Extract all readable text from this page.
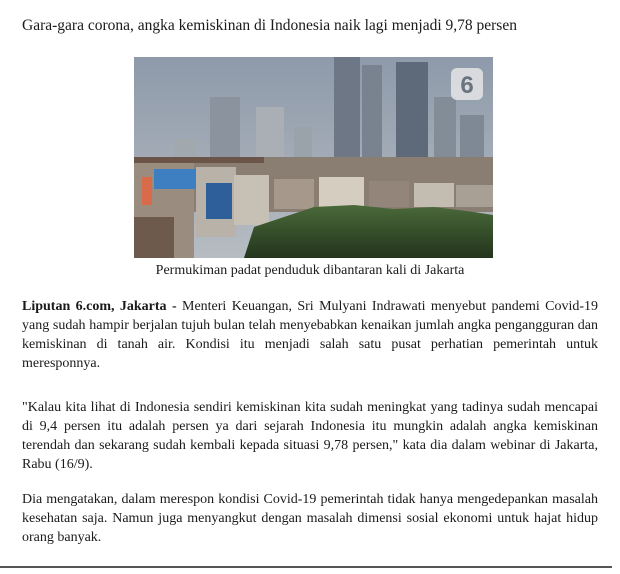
Gara-gara corona, angka kemiskinan di Indonesia naik lagi menjadi 9,78 persen
6
Permukiman padat penduduk dibantaran kali di Jakarta

Liputan 6.com, Jakarta - Menteri Keuangan, Sri Mulyani Indrawati menyebut pandemi Covid-19 yang sudah hampir berjalan tujuh bulan telah menyebabkan kenaikan jumlah angka pengangguran dan kemiskinan di tanah air. Kondisi itu menjadi salah satu pusat perhatian pemerintah untuk meresponnya.

"Kalau kita lihat di Indonesia sendiri kemiskinan kita sudah meningkat yang tadinya sudah mencapai di 9,4 persen itu adalah persen ya dari sejarah Indonesia itu mungkin adalah angka kemiskinan terendah dan sekarang sudah kembali kepada situasi 9,78 persen," kata dia dalam webinar di Jakarta, Rabu (16/9).

Dia mengatakan, dalam merespon kondisi Covid-19 pemerintah tidak hanya mengedepankan masalah kesehatan saja. Namun juga menyangkut dengan masalah dimensi sosial ekonomi untuk hajat hidup orang banyak.
